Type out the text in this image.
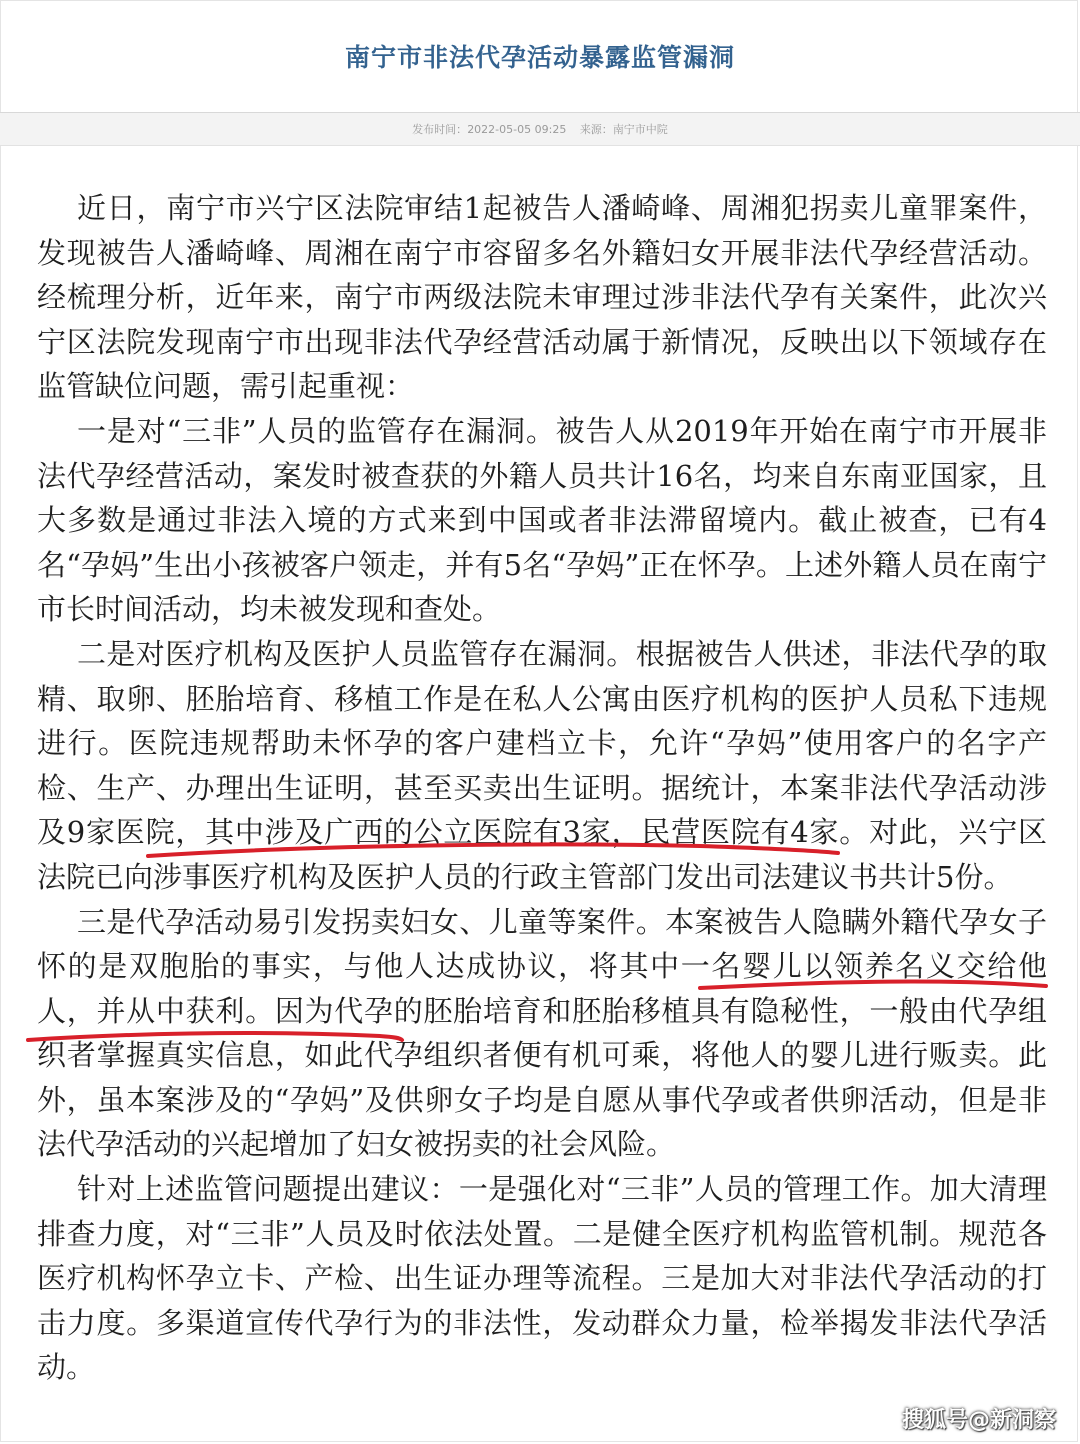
南宁市非法代孕活动暴露监管漏洞
发布时间：2022-05-05 09:25 来源：南宁市中院

近日，南宁市兴宁区法院审结1起被告人潘崎峰、周湘犯拐卖儿童罪案件，发现被告人潘崎峰、周湘在南宁市容留多名外籍妇女开展非法代孕经营活动。经梳理分析，近年来，南宁市两级法院未审理过涉非法代孕有关案件，此次兴宁区法院发现南宁市出现非法代孕经营活动属于新情况，反映出以下领域存在监管缺位问题，需引起重视：

一是对“三非”人员的监管存在漏洞。被告人从2019年开始在南宁市开展非法代孕经营活动，案发时被查获的外籍人员共计16名，均来自东南亚国家，且大多数是通过非法入境的方式来到中国或者非法滞留境内。截止被查，已有4名“孕妈”生出小孩被客户领走，并有5名“孕妈”正在怀孕。上述外籍人员在南宁市长时间活动，均未被发现和查处。

二是对医疗机构及医护人员监管存在漏洞。根据被告人供述，非法代孕的取精、取卵、胚胎培育、移植工作是在私人公寓由医疗机构的医护人员私下违规进行。医院违规帮助未怀孕的客户建档立卡，允许“孕妈”使用客户的名字产检、生产、办理出生证明，甚至买卖出生证明。据统计，本案非法代孕活动涉及9家医院，其中涉及广西的公立医院有3家，民营医院有4家。对此，兴宁区法院已向涉事医疗机构及医护人员的行政主管部门发出司法建议书共计5份。

三是代孕活动易引发拐卖妇女、儿童等案件。本案被告人隐瞒外籍代孕女子怀的是双胞胎的事实，与他人达成协议，将其中一名婴儿以领养名义交给他人，并从中获利。因为代孕的胚胎培育和胚胎移植具有隐秘性，一般由代孕组织者掌握真实信息，如此代孕组织者便有机可乘，将他人的婴儿进行贩卖。此外，虽本案涉及的“孕妈”及供卵女子均是自愿从事代孕或者供卵活动，但是非法代孕活动的兴起增加了妇女被拐卖的社会风险。

针对上述监管问题提出建议：一是强化对“三非”人员的管理工作。加大清理排查力度，对“三非”人员及时依法处置。二是健全医疗机构监管机制。规范各医疗机构怀孕立卡、产检、出生证办理等流程。三是加大对非法代孕活动的打击力度。多渠道宣传代孕行为的非法性，发动群众力量，检举揭发非法代孕活动。

搜狐号@新洞察
